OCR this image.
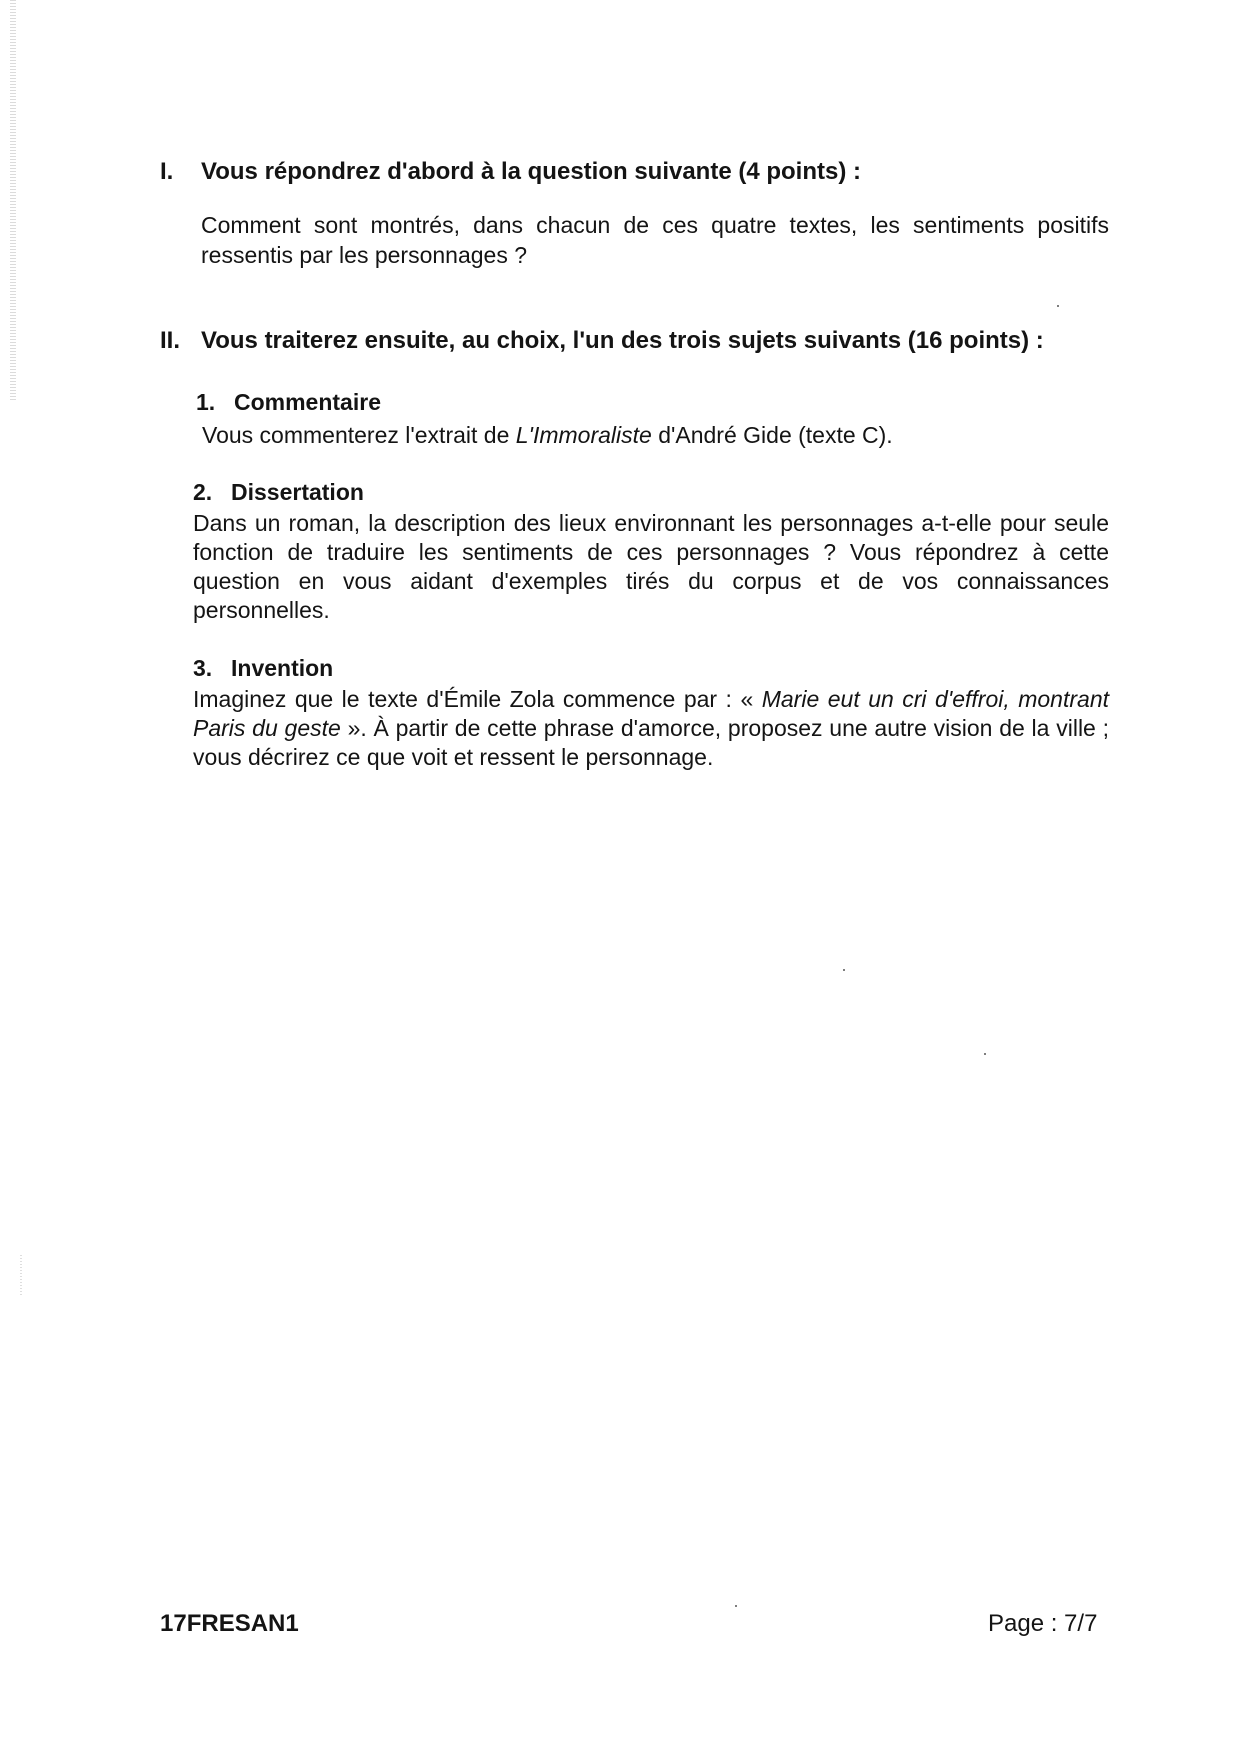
I. Vous répondrez d'abord à la question suivante (4 points) :

Comment sont montrés, dans chacun de ces quatre textes, les sentiments positifs ressentis par les personnages ?

II. Vous traiterez ensuite, au choix, l'un des trois sujets suivants (16 points) :
1. Commentaire
Vous commenterez l'extrait de L'Immoraliste d'André Gide (texte C).
2. Dissertation

Dans un roman, la description des lieux environnant les personnages a-t-elle pour seule fonction de traduire les sentiments de ces personnages ? Vous répondrez à cette question en vous aidant d'exemples tirés du corpus et de vos connaissances personnelles.

3. Invention

Imaginez que le texte d'Émile Zola commence par : « Marie eut un cri d'effroi, montrant Paris du geste ». À partir de cette phrase d'amorce, proposez une autre vision de la ville ; vous décrirez ce que voit et ressent le personnage.

17FRESAN1	Page : 7/7
